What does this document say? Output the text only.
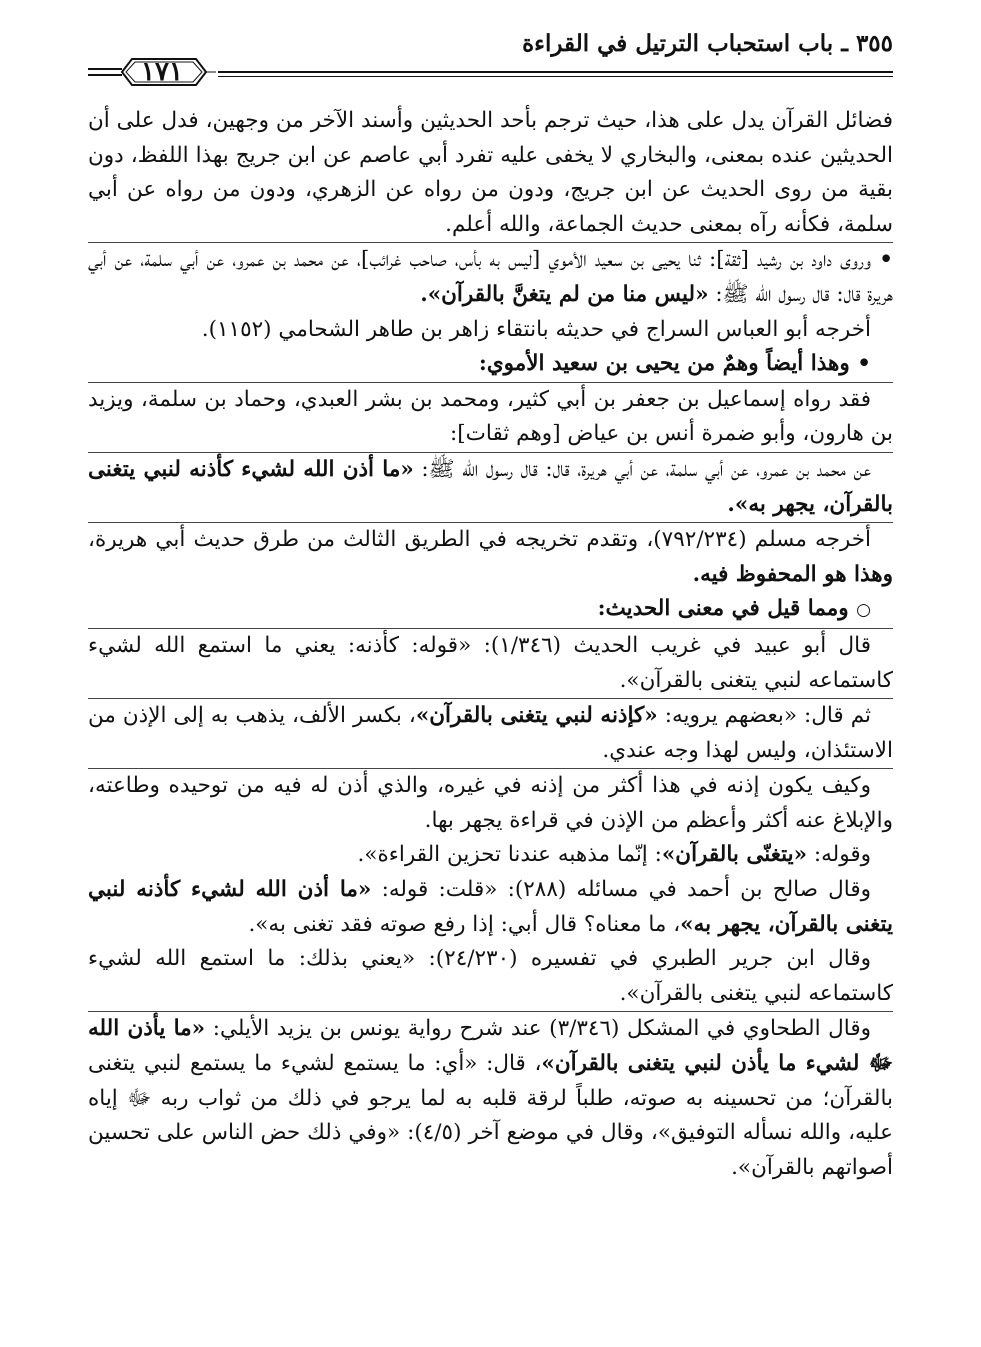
٣٥٥ ـ باب استحباب الترتيل في القراءة
١٧١

فضائل القرآن يدل على هذا، حيث ترجم بأحد الحديثين وأسند الآخر من وجهين، فدل على أن الحديثين عنده بمعنى، والبخاري لا يخفى عليه تفرد أبي عاصم عن ابن جريج بهذا اللفظ، دون بقية من روى الحديث عن ابن جريج، ودون من رواه عن الزهري، ودون من رواه عن أبي سلمة، فكأنه رآه بمعنى حديث الجماعة، والله أعلم.

• وروى داود بن رشيد [ثقة]: ثنا يحيى بن سعيد الأموي [ليس به بأس، صاحب غرائب]، عن محمد بن عمرو، عن أبي سلمة، عن أبي هريرة قال: قال رسول الله ﷺ: «ليس منا من لم يتغنَّ بالقرآن».

أخرجه أبو العباس السراج في حديثه بانتقاء زاهر بن طاهر الشحامي (١١٥٢).

• وهذا أيضاً وهمٌ من يحيى بن سعيد الأموي:

فقد رواه إسماعيل بن جعفر بن أبي كثير، ومحمد بن بشر العبدي، وحماد بن سلمة، ويزيد بن هارون، وأبو ضمرة أنس بن عياض [وهم ثقات]:

عن محمد بن عمرو، عن أبي سلمة، عن أبي هريرة، قال: قال رسول الله ﷺ: «ما أذن الله لشيء كأذنه لنبي يتغنى بالقرآن، يجهر به».

أخرجه مسلم (٧٩٢/٢٣٤)، وتقدم تخريجه في الطريق الثالث من طرق حديث أبي هريرة، وهذا هو المحفوظ فيه.

○ ومما قيل في معنى الحديث:

قال أبو عبيد في غريب الحديث (١/٣٤٦): «قوله: كأذنه: يعني ما استمع الله لشيء كاستماعه لنبي يتغنى بالقرآن».

ثم قال: «بعضهم يرويه: «كإذنه لنبي يتغنى بالقرآن»، بكسر الألف، يذهب به إلى الإذن من الاستئذان، وليس لهذا وجه عندي.

وكيف يكون إذنه في هذا أكثر من إذنه في غيره، والذي أذن له فيه من توحيده وطاعته، والإبلاغ عنه أكثر وأعظم من الإذن في قراءة يجهر بها.

وقوله: «يتغنّى بالقرآن»: إنّما مذهبه عندنا تحزين القراءة».

وقال صالح بن أحمد في مسائله (٢٨٨): «قلت: قوله: «ما أذن الله لشيء كأذنه لنبي يتغنى بالقرآن، يجهر به»، ما معناه؟ قال أبي: إذا رفع صوته فقد تغنى به».

وقال ابن جرير الطبري في تفسيره (٢٤/٢٣٠): «يعني بذلك: ما استمع الله لشيء كاستماعه لنبي يتغنى بالقرآن».

وقال الطحاوي في المشكل (٣/٣٤٦) عند شرح رواية يونس بن يزيد الأيلي: «ما يأذن الله ﷻ لشيء ما يأذن لنبي يتغنى بالقرآن»، قال: «أي: ما يستمع لشيء ما يستمع لنبي يتغنى بالقرآن؛ من تحسينه به صوته، طلباً لرقة قلبه به لما يرجو في ذلك من ثواب ربه ﷻ إياه عليه، والله نسأله التوفيق»، وقال في موضع آخر (٤/٥): «وفي ذلك حض الناس على تحسين أصواتهم بالقرآن».
